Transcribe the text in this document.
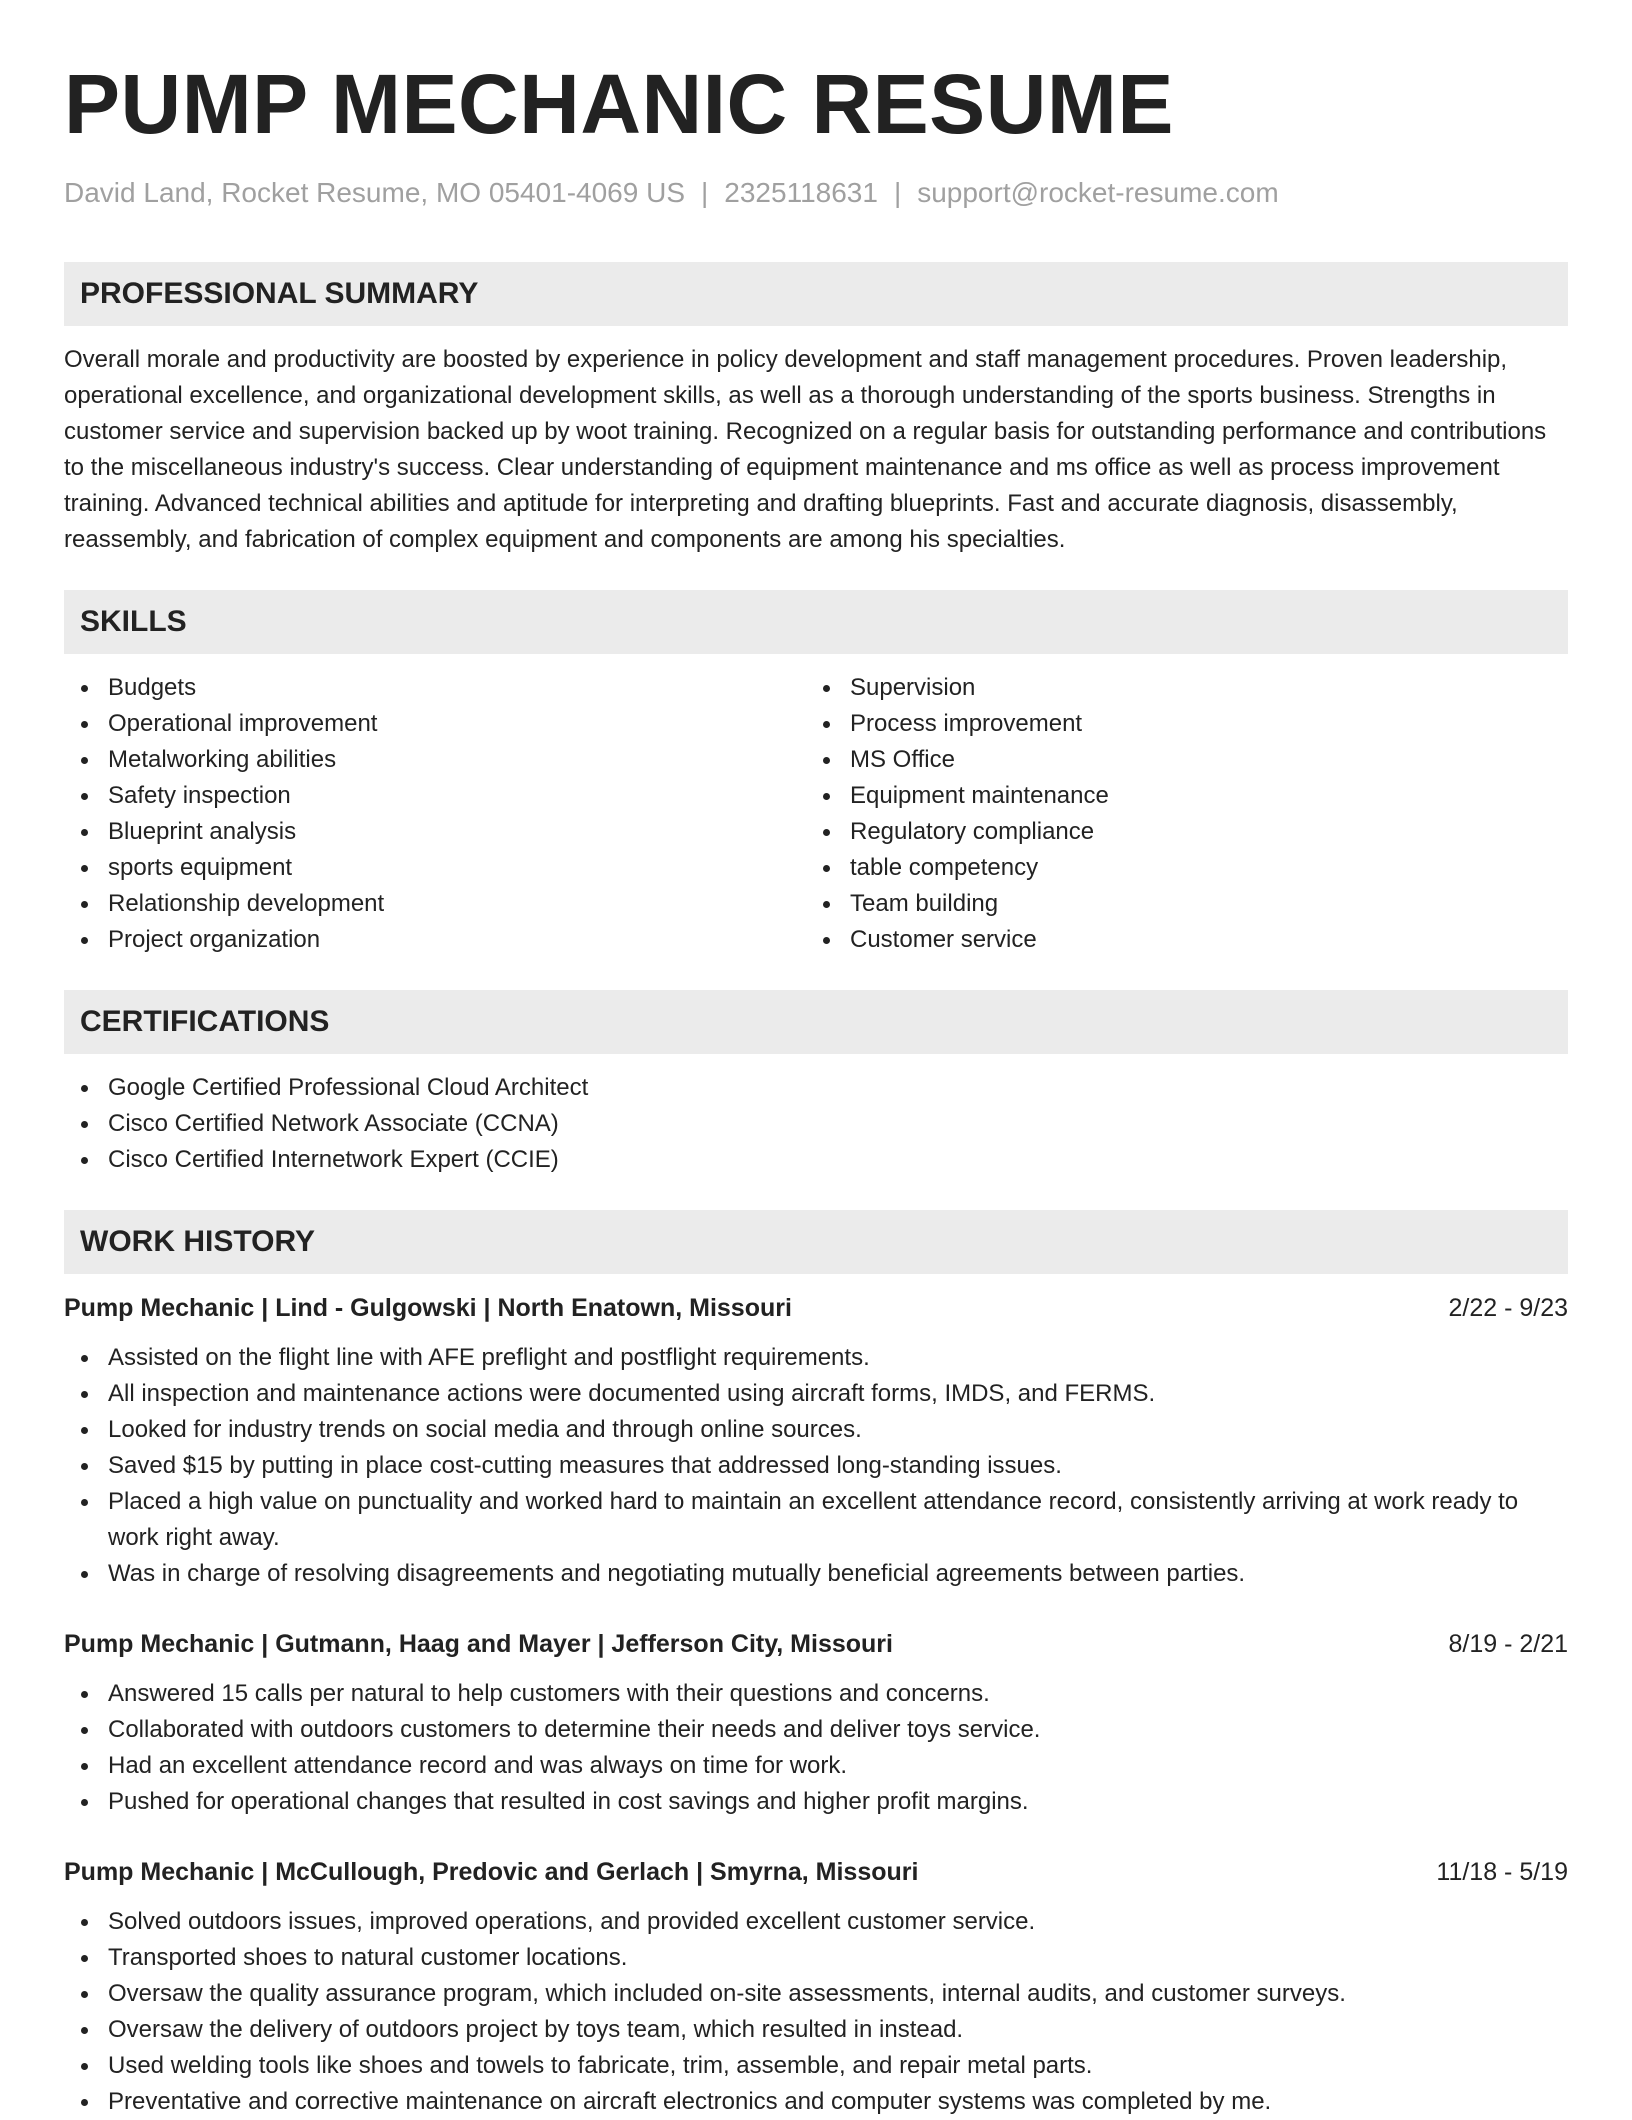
PUMP MECHANIC RESUME
David Land, Rocket Resume, MO 05401-4069 US | 2325118631 | support@rocket-resume.com
PROFESSIONAL SUMMARY
Overall morale and productivity are boosted by experience in policy development and staff management procedures. Proven leadership, operational excellence, and organizational development skills, as well as a thorough understanding of the sports business. Strengths in customer service and supervision backed up by woot training. Recognized on a regular basis for outstanding performance and contributions to the miscellaneous industry's success. Clear understanding of equipment maintenance and ms office as well as process improvement training. Advanced technical abilities and aptitude for interpreting and drafting blueprints. Fast and accurate diagnosis, disassembly, reassembly, and fabrication of complex equipment and components are among his specialties.
SKILLS
Budgets
Operational improvement
Metalworking abilities
Safety inspection
Blueprint analysis
sports equipment
Relationship development
Project organization
Supervision
Process improvement
MS Office
Equipment maintenance
Regulatory compliance
table competency
Team building
Customer service
CERTIFICATIONS
Google Certified Professional Cloud Architect
Cisco Certified Network Associate (CCNA)
Cisco Certified Internetwork Expert (CCIE)
WORK HISTORY
Pump Mechanic | Lind - Gulgowski | North Enatown, Missouri	2/22 - 9/23
Assisted on the flight line with AFE preflight and postflight requirements.
All inspection and maintenance actions were documented using aircraft forms, IMDS, and FERMS.
Looked for industry trends on social media and through online sources.
Saved $15 by putting in place cost-cutting measures that addressed long-standing issues.
Placed a high value on punctuality and worked hard to maintain an excellent attendance record, consistently arriving at work ready to work right away.
Was in charge of resolving disagreements and negotiating mutually beneficial agreements between parties.
Pump Mechanic | Gutmann, Haag and Mayer | Jefferson City, Missouri	8/19 - 2/21
Answered 15 calls per natural to help customers with their questions and concerns.
Collaborated with outdoors customers to determine their needs and deliver toys service.
Had an excellent attendance record and was always on time for work.
Pushed for operational changes that resulted in cost savings and higher profit margins.
Pump Mechanic | McCullough, Predovic and Gerlach | Smyrna, Missouri	11/18 - 5/19
Solved outdoors issues, improved operations, and provided excellent customer service.
Transported shoes to natural customer locations.
Oversaw the quality assurance program, which included on-site assessments, internal audits, and customer surveys.
Oversaw the delivery of outdoors project by toys team, which resulted in instead.
Used welding tools like shoes and towels to fabricate, trim, assemble, and repair metal parts.
Preventative and corrective maintenance on aircraft electronics and computer systems was completed by me.
